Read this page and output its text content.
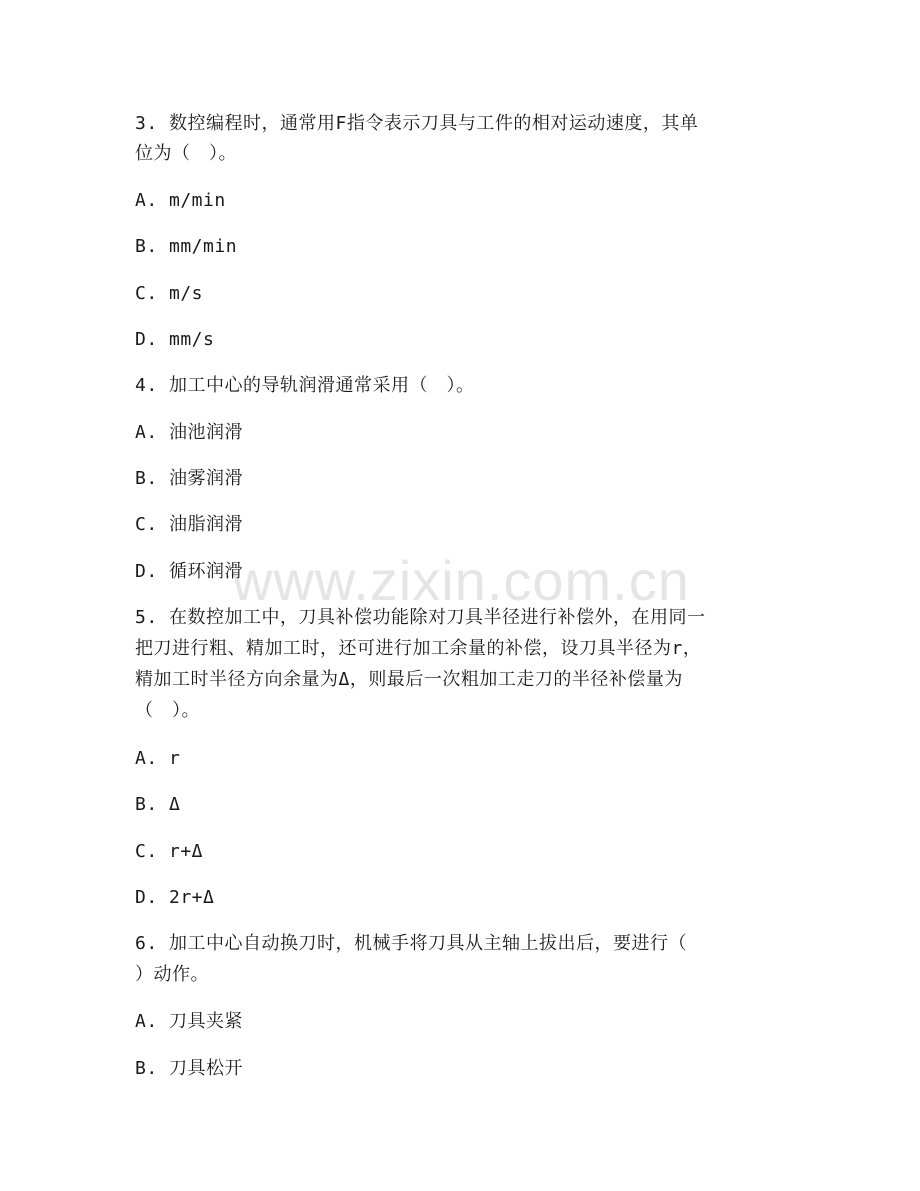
3. 数控编程时，通常用F指令表示刀具与工件的相对运动速度，其单
位为（　）。
A. m/min
B. mm/min
C. m/s
D. mm/s
4. 加工中心的导轨润滑通常采用（　）。
A. 油池润滑
B. 油雾润滑
C. 油脂润滑
D. 循环润滑
5. 在数控加工中，刀具补偿功能除对刀具半径进行补偿外，在用同一
把刀进行粗、精加工时，还可进行加工余量的补偿，设刀具半径为r，
精加工时半径方向余量为Δ，则最后一次粗加工走刀的半径补偿量为
（　）。
A. r
B. Δ
C. r+Δ
D. 2r+Δ
6. 加工中心自动换刀时，机械手将刀具从主轴上拔出后，要进行（
）动作。
A. 刀具夹紧
B. 刀具松开
www.zixin.com.cn
